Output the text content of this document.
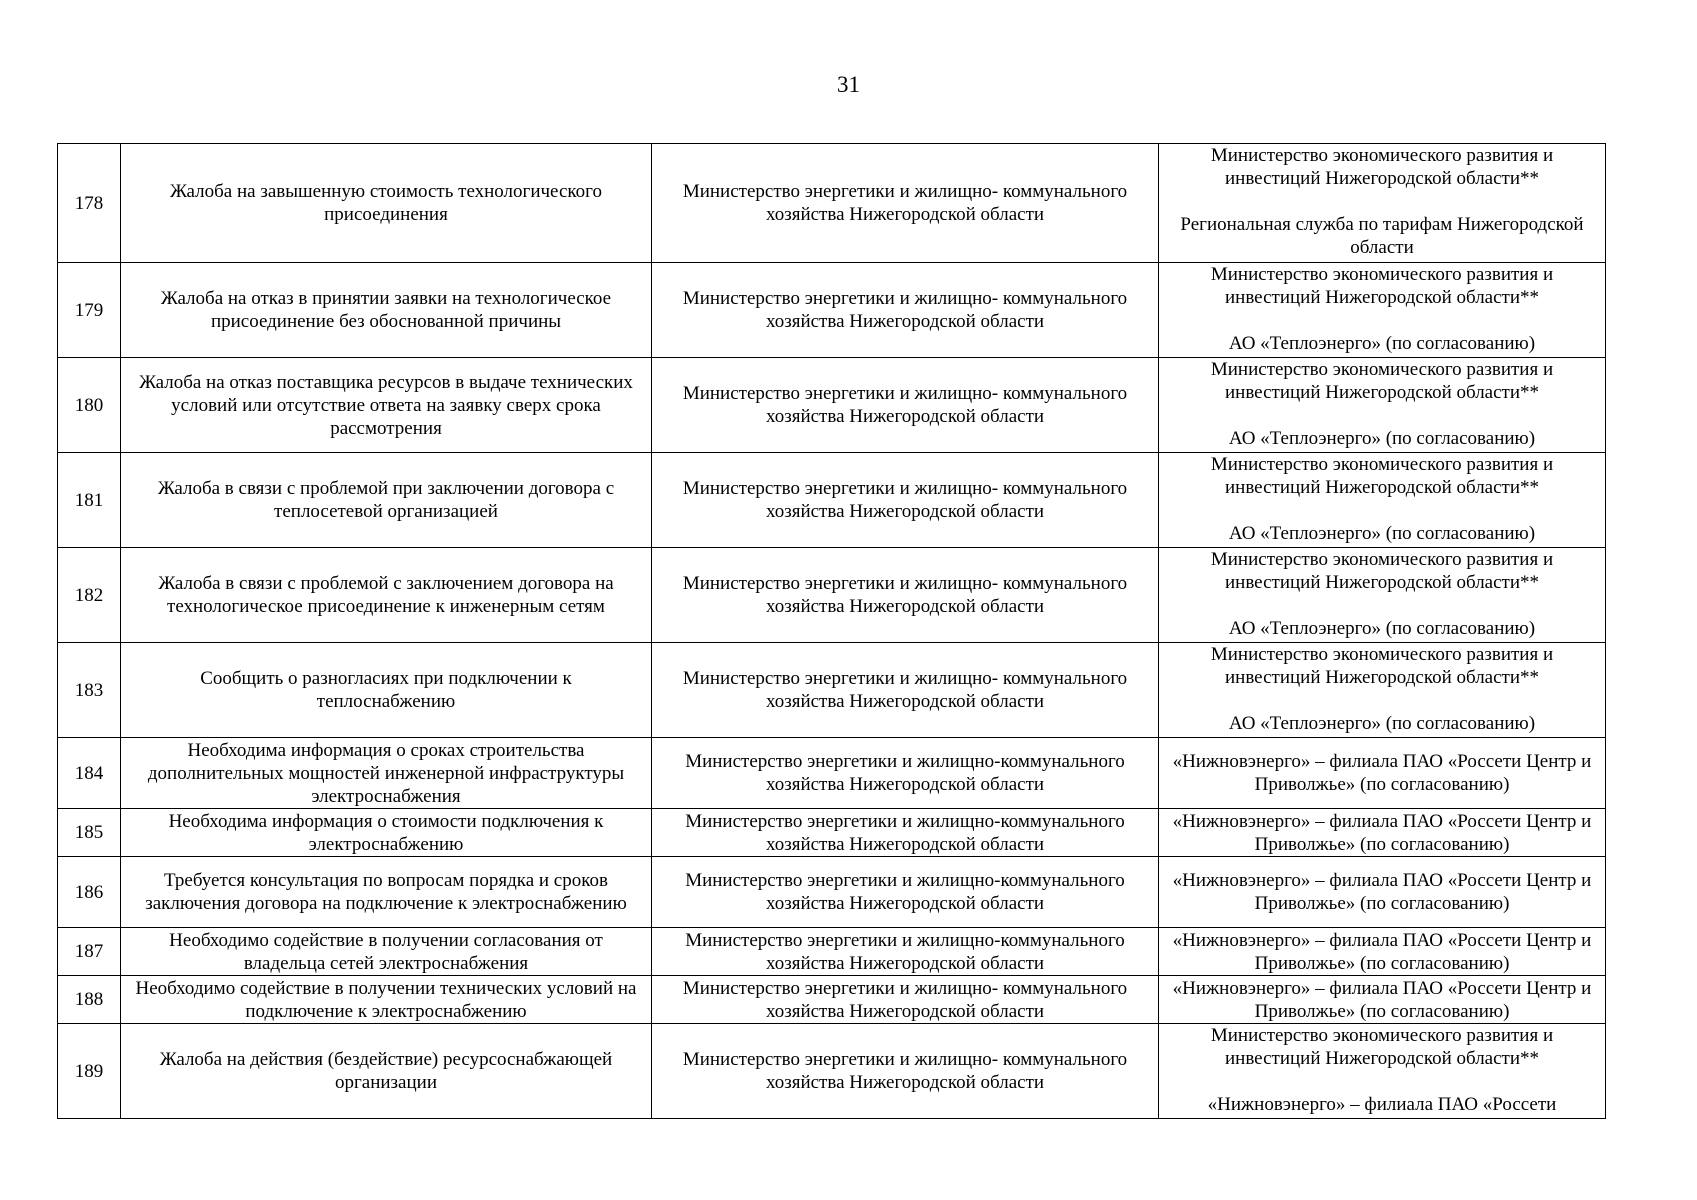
31
178	Жалоба на завышенную стоимость технологического присоединения	Министерство энергетики и жилищно- коммунального хозяйства Нижегородской области	Министерство экономического развития и инвестиций Нижегородской области**
Региональная служба по тарифам Нижегородской области

179	Жалоба на отказ в принятии заявки на технологическое присоединение без обоснованной причины	Министерство энергетики и жилищно- коммунального хозяйства Нижегородской области	Министерство экономического развития и инвестиций Нижегородской области**
АО «Теплоэнерго» (по согласованию)

180	Жалоба на отказ поставщика ресурсов в выдаче технических условий или отсутствие ответа на заявку сверх срока рассмотрения	Министерство энергетики и жилищно- коммунального хозяйства Нижегородской области	Министерство экономического развития и инвестиций Нижегородской области**
АО «Теплоэнерго» (по согласованию)

181	Жалоба в связи с проблемой при заключении договора с теплосетевой организацией	Министерство энергетики и жилищно- коммунального хозяйства Нижегородской области	Министерство экономического развития и инвестиций Нижегородской области**
АО «Теплоэнерго» (по согласованию)

182	Жалоба в связи с проблемой с заключением договора на технологическое присоединение к инженерным сетям	Министерство энергетики и жилищно- коммунального хозяйства Нижегородской области	Министерство экономического развития и инвестиций Нижегородской области**
АО «Теплоэнерго» (по согласованию)

183	Сообщить о разногласиях при подключении к теплоснабжению	Министерство энергетики и жилищно- коммунального хозяйства Нижегородской области	Министерство экономического развития и инвестиций Нижегородской области**
АО «Теплоэнерго» (по согласованию)

184	Необходима информация о сроках строительства дополнительных мощностей инженерной инфраструктуры электроснабжения	Министерство энергетики и жилищно-коммунального хозяйства Нижегородской области	«Нижновэнерго» – филиала ПАО «Россети Центр и Приволжье» (по согласованию)
185	Необходима информация о стоимости подключения к электроснабжению	Министерство энергетики и жилищно-коммунального хозяйства Нижегородской области	«Нижновэнерго» – филиала ПАО «Россети Центр и Приволжье» (по согласованию)
186	Требуется консультация по вопросам порядка и сроков заключения договора на подключение к электроснабжению	Министерство энергетики и жилищно-коммунального хозяйства Нижегородской области	«Нижновэнерго» – филиала ПАО «Россети Центр и Приволжье» (по согласованию)
187	Необходимо содействие в получении согласования от владельца сетей электроснабжения	Министерство энергетики и жилищно-коммунального хозяйства Нижегородской области	«Нижновэнерго» – филиала ПАО «Россети Центр и Приволжье» (по согласованию)
188	Необходимо содействие в получении технических условий на подключение к электроснабжению	Министерство энергетики и жилищно- коммунального хозяйства Нижегородской области	«Нижновэнерго» – филиала ПАО «Россети Центр и Приволжье» (по согласованию)
189	Жалоба на действия (бездействие) ресурсоснабжающей организации	Министерство энергетики и жилищно- коммунального хозяйства Нижегородской области	Министерство экономического развития и инвестиций Нижегородской области**
«Нижновэнерго» – филиала ПАО «Россети
